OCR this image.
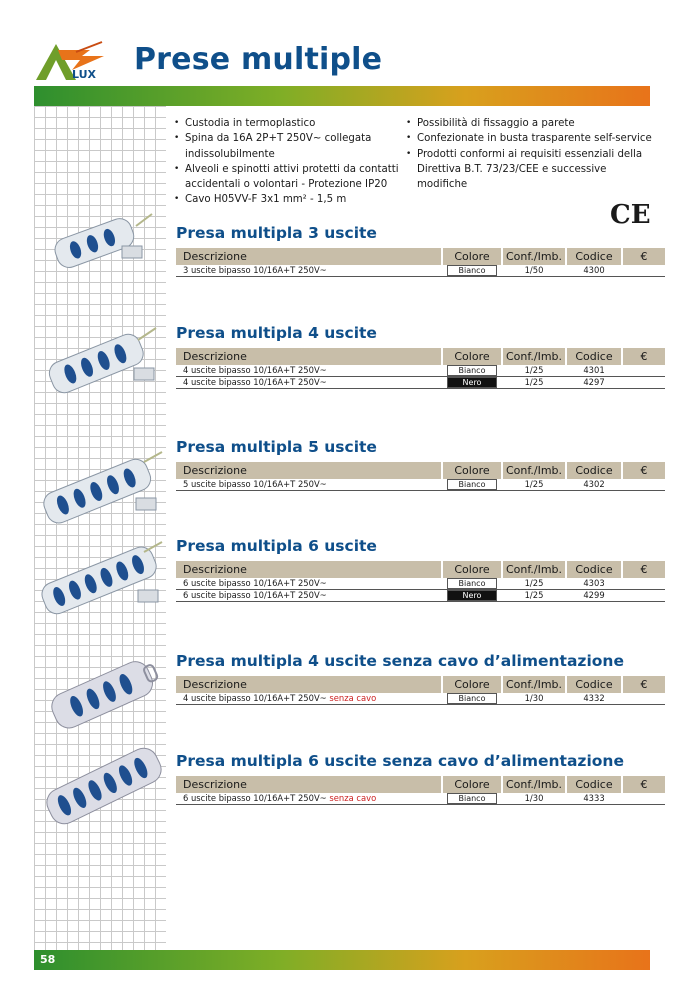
LUX Prese multiple
• Custodia in termoplastico
• Spina da 16A 2P+T 250V~ collegata indissolubilmente
• Alveoli e spinotti attivi protetti da contatti accidentali o volontari - Protezione IP20
• Cavo H05VV-F 3x1 mm² - 1,5 m
• Possibilità di fissaggio a parete
• Confezionate in busta trasparente self-service
• Prodotti conformi ai requisiti essenziali della Direttiva B.T. 73/23/CEE e successive modifiche
CE
Presa multipla 3 uscite
Descrizione	Colore	Conf./Imb.	Codice	€
3 uscite bipasso 10/16A+T 250V~	Bianco	1/50	4300	
Presa multipla 4 uscite
Descrizione	Colore	Conf./Imb.	Codice	€
4 uscite bipasso 10/16A+T 250V~	Bianco	1/25	4301	
4 uscite bipasso 10/16A+T 250V~	Nero	1/25	4297	
Presa multipla 5 uscite
Descrizione	Colore	Conf./Imb.	Codice	€
5 uscite bipasso 10/16A+T 250V~	Bianco	1/25	4302	
Presa multipla 6 uscite
Descrizione	Colore	Conf./Imb.	Codice	€
6 uscite bipasso 10/16A+T 250V~	Bianco	1/25	4303	
6 uscite bipasso 10/16A+T 250V~	Nero	1/25	4299	
Presa multipla 4 uscite senza cavo d’alimentazione
Descrizione	Colore	Conf./Imb.	Codice	€
4 uscite bipasso 10/16A+T 250V~ senza cavo	Bianco	1/30	4332	
Presa multipla 6 uscite senza cavo d’alimentazione
Descrizione	Colore	Conf./Imb.	Codice	€
6 uscite bipasso 10/16A+T 250V~ senza cavo	Bianco	1/30	4333	
58
